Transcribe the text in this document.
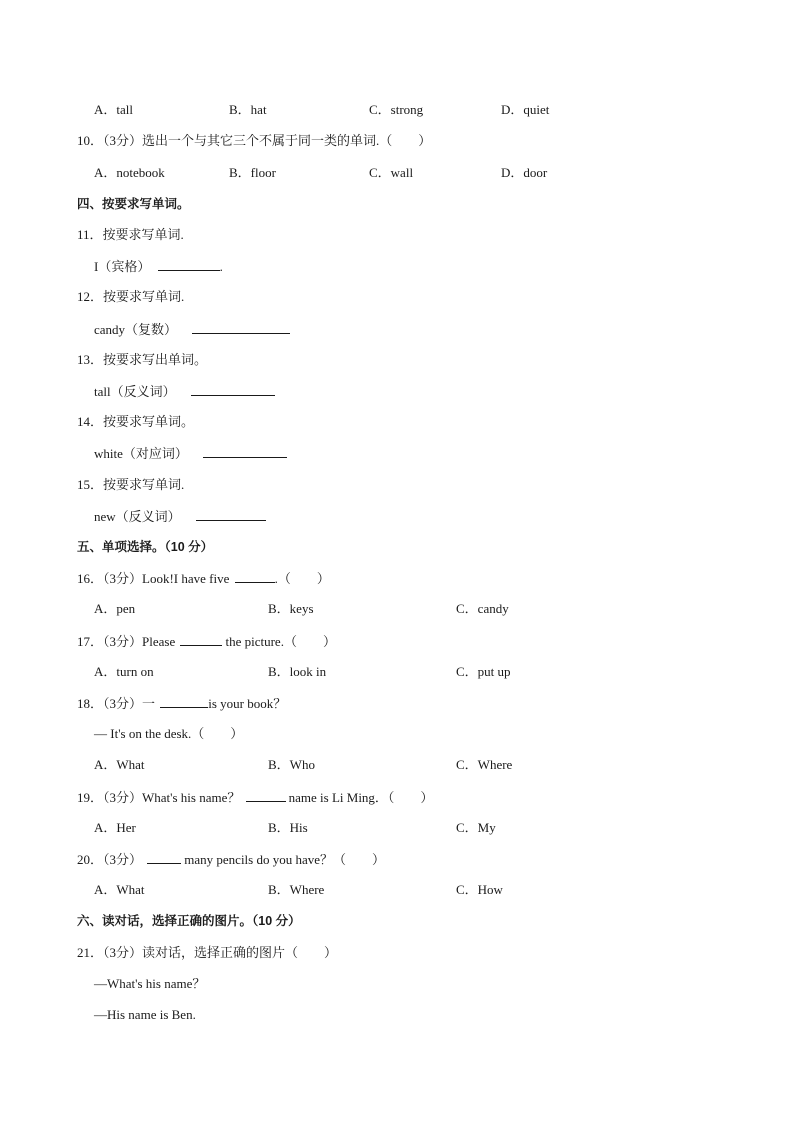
A．tall	B．hat	C．strong	D．quiet
10．（3分）选出一个与其它三个不属于同一类的单词.（　　）
A．notebook	B．floor	C．wall	D．door
四、按要求写单词。
11．按要求写单词.
I（宾格）	.
12．按要求写单词.
candy（复数）
13．按要求写出单词。
tall（反义词）
14．按要求写单词。
white（对应词）
15．按要求写单词.
new（反义词）
五、单项选择。（10 分）
16．（3分）Look!I have five	.（　　）
A．pen	B．keys	C．candy
17．（3分）Please	the picture.（　　）
A．turn on	B．look in	C．put up
18．（3分）一	is your book？
— It's on the desk.（　　）
A．What	B．Who	C．Where
19．（3分）What's his name？	name is Li Ming．（　　）
A．Her	B．His	C．My
20．（3分）	many pencils do you have？（　　）
A．What	B．Where	C．How
六、读对话，选择正确的图片。（10 分）
21．（3分）读对话，选择正确的图片（　　）
—What's his name？
—His name is Ben.
